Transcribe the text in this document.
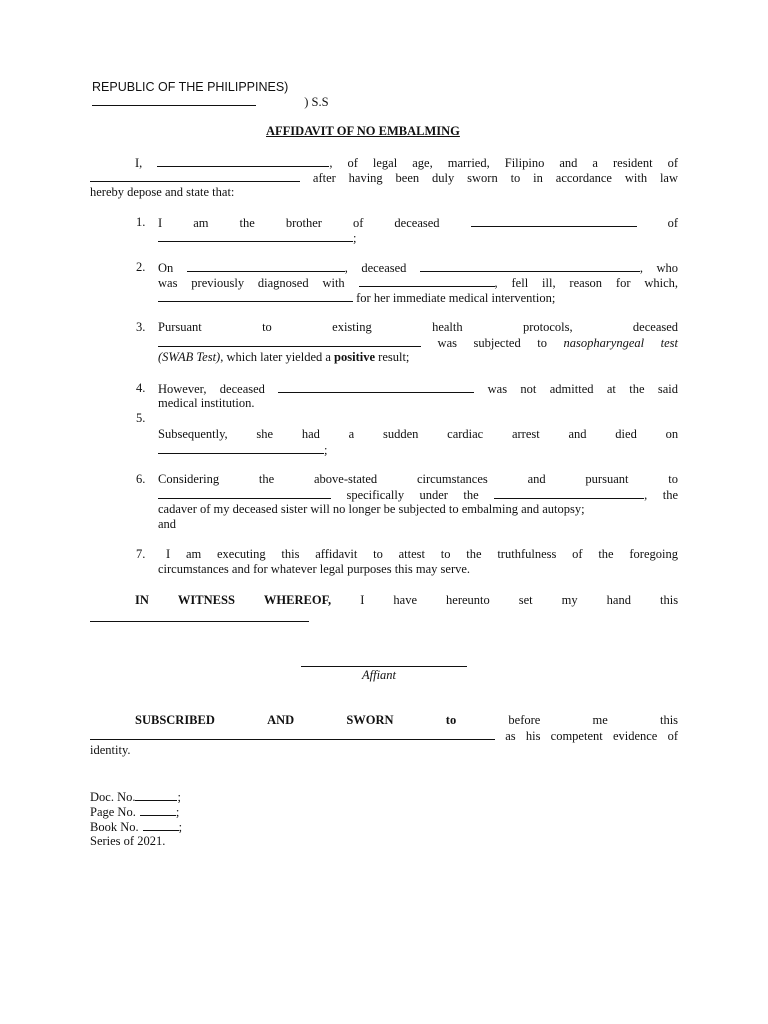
REPUBLIC OF THE PHILIPPINES)
) S.S
AFFIDAVIT OF NO EMBALMING
I,	, of legal age, married, Filipino and a resident of
after having been duly sworn to in accordance with law
hereby depose and state that:
1. I am the brother of deceased	of
;
2. On	, deceased	, who
was previously diagnosed with	, fell ill, reason for which,
for her immediate medical intervention;
3. Pursuant	to	existing	health	protocols,	deceased
was subjected to nasopharyngeal test
(SWAB Test), which later yielded a positive result;
4. However, deceased	was not admitted at the said
medical institution.
5.
Subsequently, she had a sudden cardiac arrest and died on
;
6. Considering	the	above-stated	circumstances	and	pursuant	to
specifically under the	, the
cadaver of my deceased sister will no longer be subjected to embalming and autopsy;
and
7. I am executing this affidavit to attest to the truthfulness of the foregoing
circumstances and for whatever legal purposes this may serve.
IN WITNESS WHEREOF, I have hereunto set my hand this
Affiant
SUBSCRIBED	AND	SWORN	to	before	me	this
as his competent evidence of
identity.
Doc. No.	;
Page No.	;
Book No.	;
Series of 2021.
